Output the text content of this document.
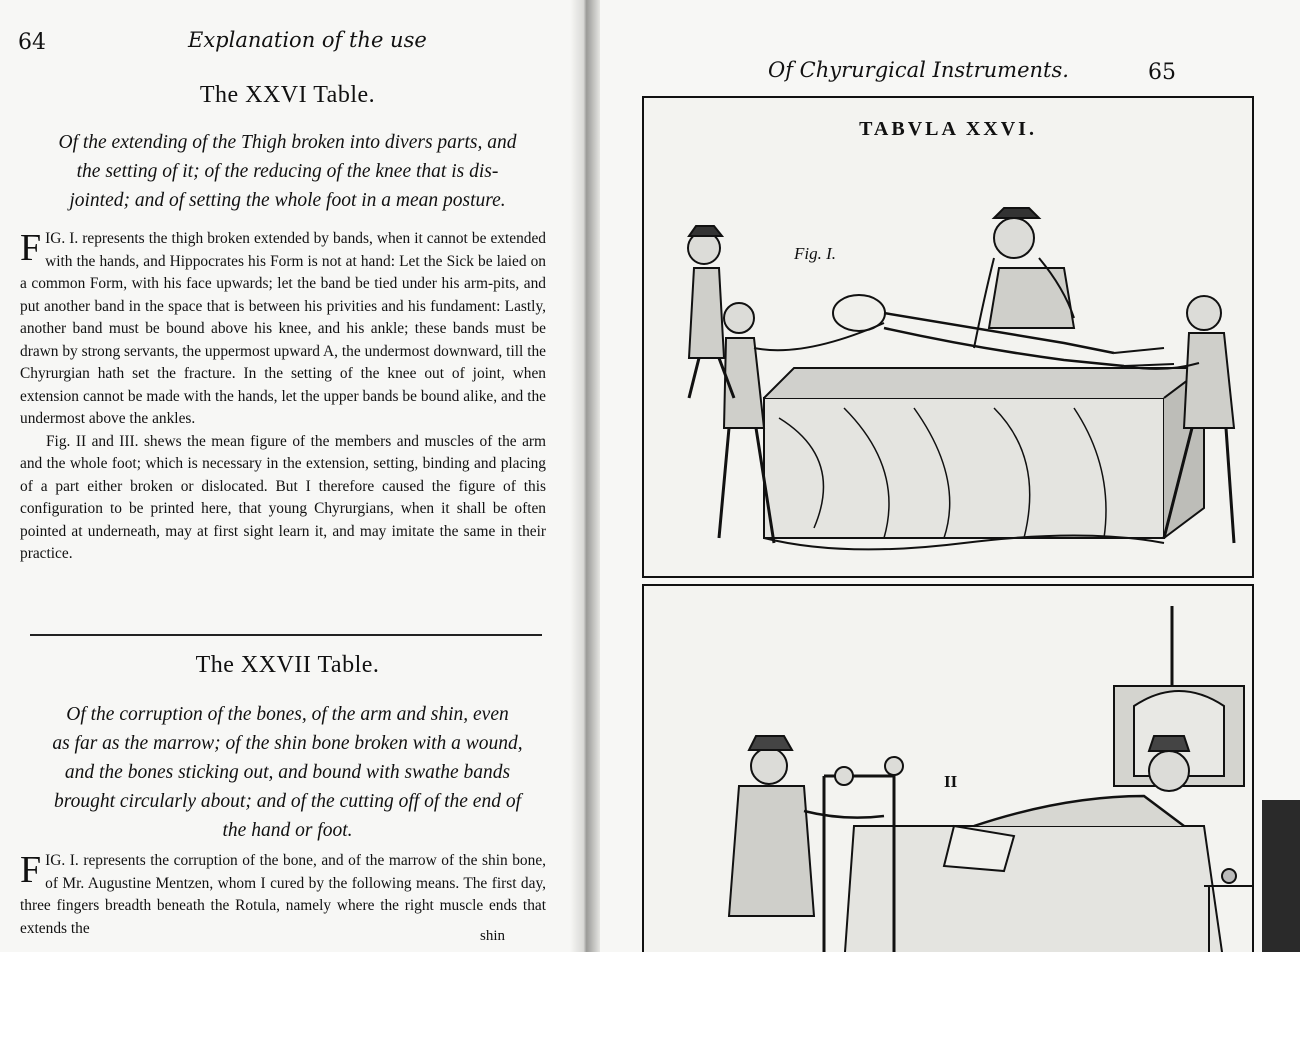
64	Explanation of the use
The XXVI Table.
Of the extending of the Thigh broken into divers parts, and
the setting of it; of the reducing of the knee that is dis-
jointed; and of setting the whole foot in a mean posture.

FIG. I. represents the thigh broken extended by bands, when it cannot be extended with the hands, and Hippocrates his Form is not at hand: Let the Sick be laied on a common Form, with his face upwards; let the band be tied under his arm-pits, and put another band in the space that is between his privities and his fundament: Lastly, another band must be bound above his knee, and his ankle; these bands must be drawn by strong servants, the uppermost upward A, the undermost downward, till the Chyrurgian hath set the fracture. In the setting of the knee out of joint, when extension cannot be made with the hands, let the upper bands be bound alike, and the undermost above the ankles.

Fig. II and III. shews the mean figure of the members and muscles of the arm and the whole foot; which is necessary in the extension, setting, binding and placing of a part either broken or dislocated. But I therefore caused the figure of this configuration to be printed here, that young Chyrurgians, when it shall be often pointed at underneath, may at first sight learn it, and may imitate the same in their practice.

The XXVII Table.
Of the corruption of the bones, of the arm and shin, even
as far as the marrow; of the shin bone broken with a wound,
and the bones sticking out, and bound with swathe bands
brought circularly about; and of the cutting off of the end of
the hand or foot.

FIG. I. represents the corruption of the bone, and of the marrow of the shin bone, of Mr. Augustine Mentzen, whom I cured by the following means. The first day, three fingers breadth beneath the Rotula, namely where the right muscle ends that extends the	shin
Of Chyrurgical Instruments.	65
TABVLA XXVI.
Fig. I.
II
